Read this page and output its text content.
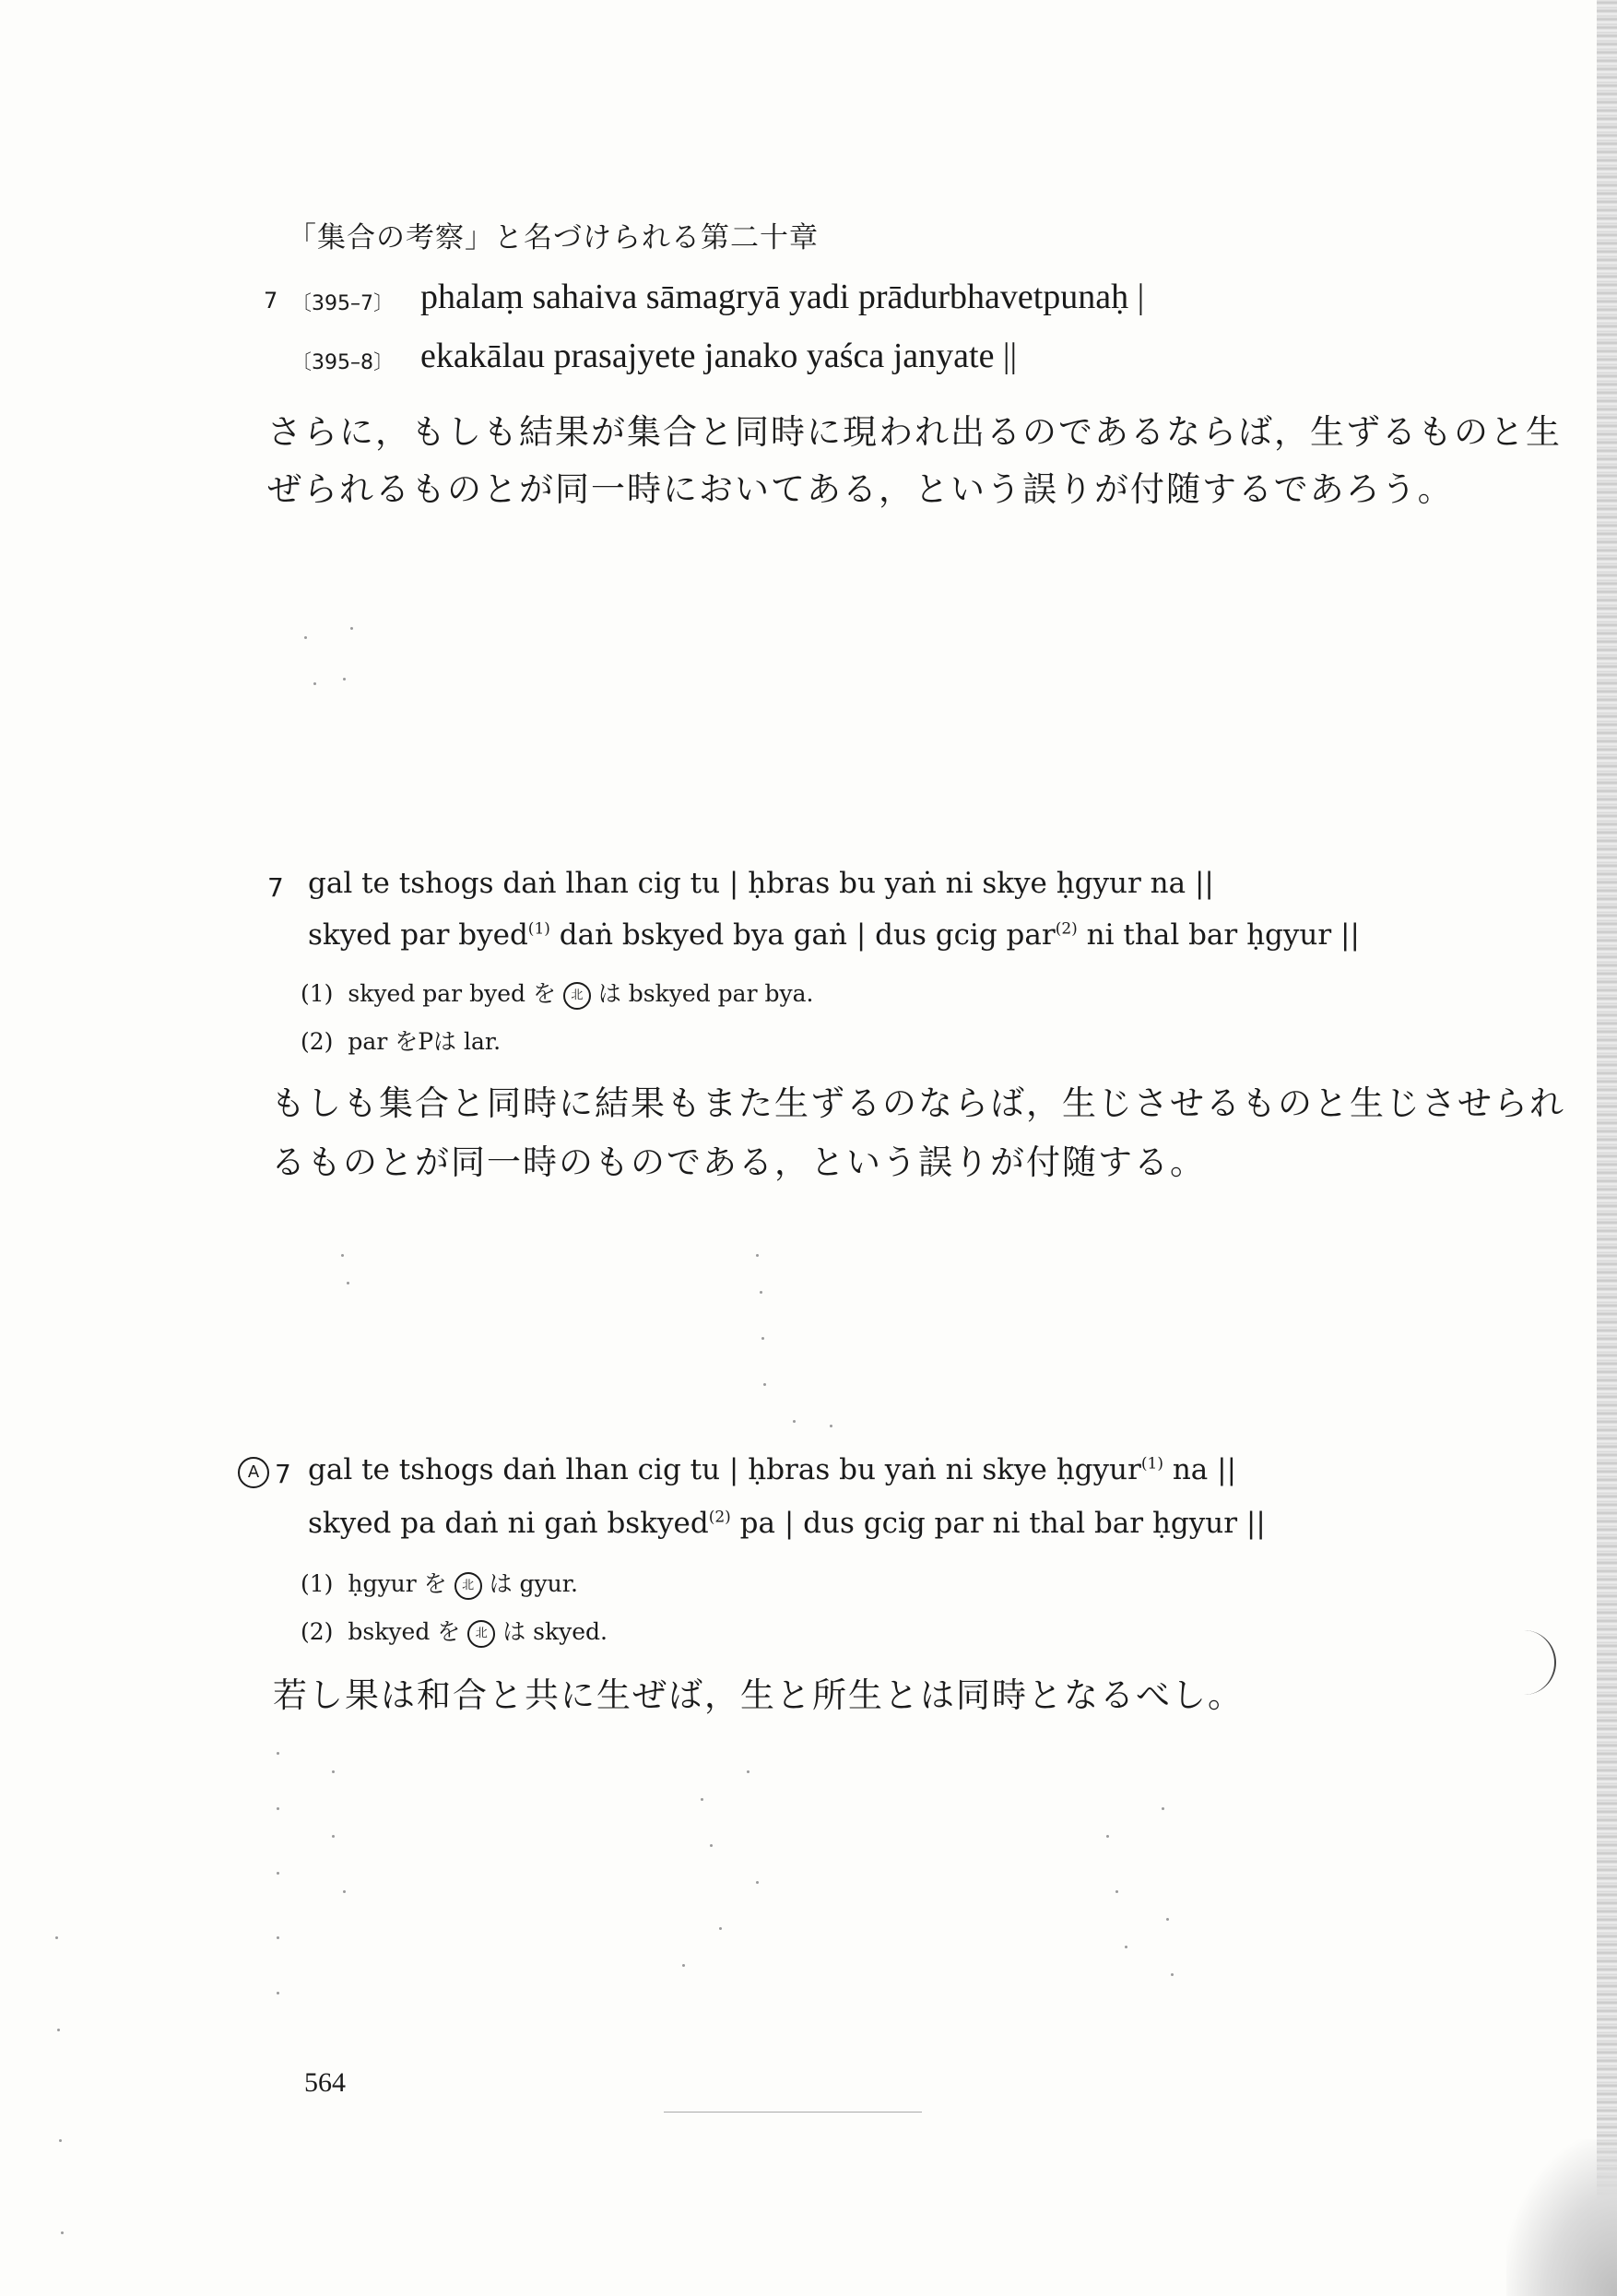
「集合の考察」と名づけられる第二十章
7 〔395–7〕 phalaṃ sahaiva sāmagryā yadi prādurbhavetpunaḥ |
〔395–8〕 ekakālau prasajyete janako yaśca janyate ||
さらに，もしも結果が集合と同時に現われ出るのであるならば，生ずるものと生
ぜられるものとが同一時においてある，という誤りが付随するであろう。
7 gal te tshogs daṅ lhan cig tu | ḥbras bu yaṅ ni skye ḥgyur na ||
skyed par byed$^{(1)}$ daṅ bskyed bya gaṅ | dus gcig par$^{(2)}$ ni thal bar ḥgyur ||
(1) skyed par byed を 北 は bskyed par bya.
(2) par をPは lar.
もしも集合と同時に結果もまた生ずるのならば，生じさせるものと生じさせられ
るものとが同一時のものである，という誤りが付随する。
A 7 gal te tshogs daṅ lhan cig tu | ḥbras bu yaṅ ni skye ḥgyur$^{(1)}$ na ||
skyed pa daṅ ni gaṅ bskyed$^{(2)}$ pa | dus gcig par ni thal bar ḥgyur ||
(1) ḥgyur を 北 は gyur.
(2) bskyed を 北 は skyed.
若し果は和合と共に生ぜば，生と所生とは同時となるべし。
564
